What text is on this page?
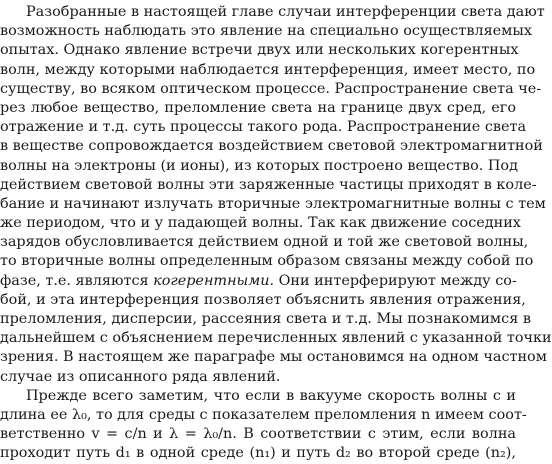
Разобранные в настоящей главе случаи интерференции света дают
возможность наблюдать это явление на специально осуществляемых
опытах. Однако явление встречи двух или нескольких когерентных
волн, между которыми наблюдается интерференция, имеет место, по
существу, во всяком оптическом процессе. Распространение света че-
рез любое вещество, преломление света на границе двух сред, его
отражение и т.д. суть процессы такого рода. Распространение света
в веществе сопровождается воздействием световой электромагнитной
волны на электроны (и ионы), из которых построено вещество. Под
действием световой волны эти заряженные частицы приходят в коле-
бание и начинают излучать вторичные электромагнитные волны с тем
же периодом, что и у падающей волны. Так как движение соседних
зарядов обусловливается действием одной и той же световой волны,
то вторичные волны определенным образом связаны между собой по
фазе, т.е. являются когерентными. Они интерферируют между со-
бой, и эта интерференция позволяет объяснить явления отражения,
преломления, дисперсии, рассеяния света и т.д. Мы познакомимся в
дальнейшем с объяснением перечисленных явлений с указанной точки
зрения. В настоящем же параграфе мы остановимся на одном частном
случае из описанного ряда явлений.
Прежде всего заметим, что если в вакууме скорость волны c и
длина ее λ₀, то для среды с показателем преломления n имеем соот-
ветственно v = c/n и λ = λ₀/n. В соответствии с этим, если волна
проходит путь d₁ в одной среде (n₁) и путь d₂ во второй среде (n₂),
